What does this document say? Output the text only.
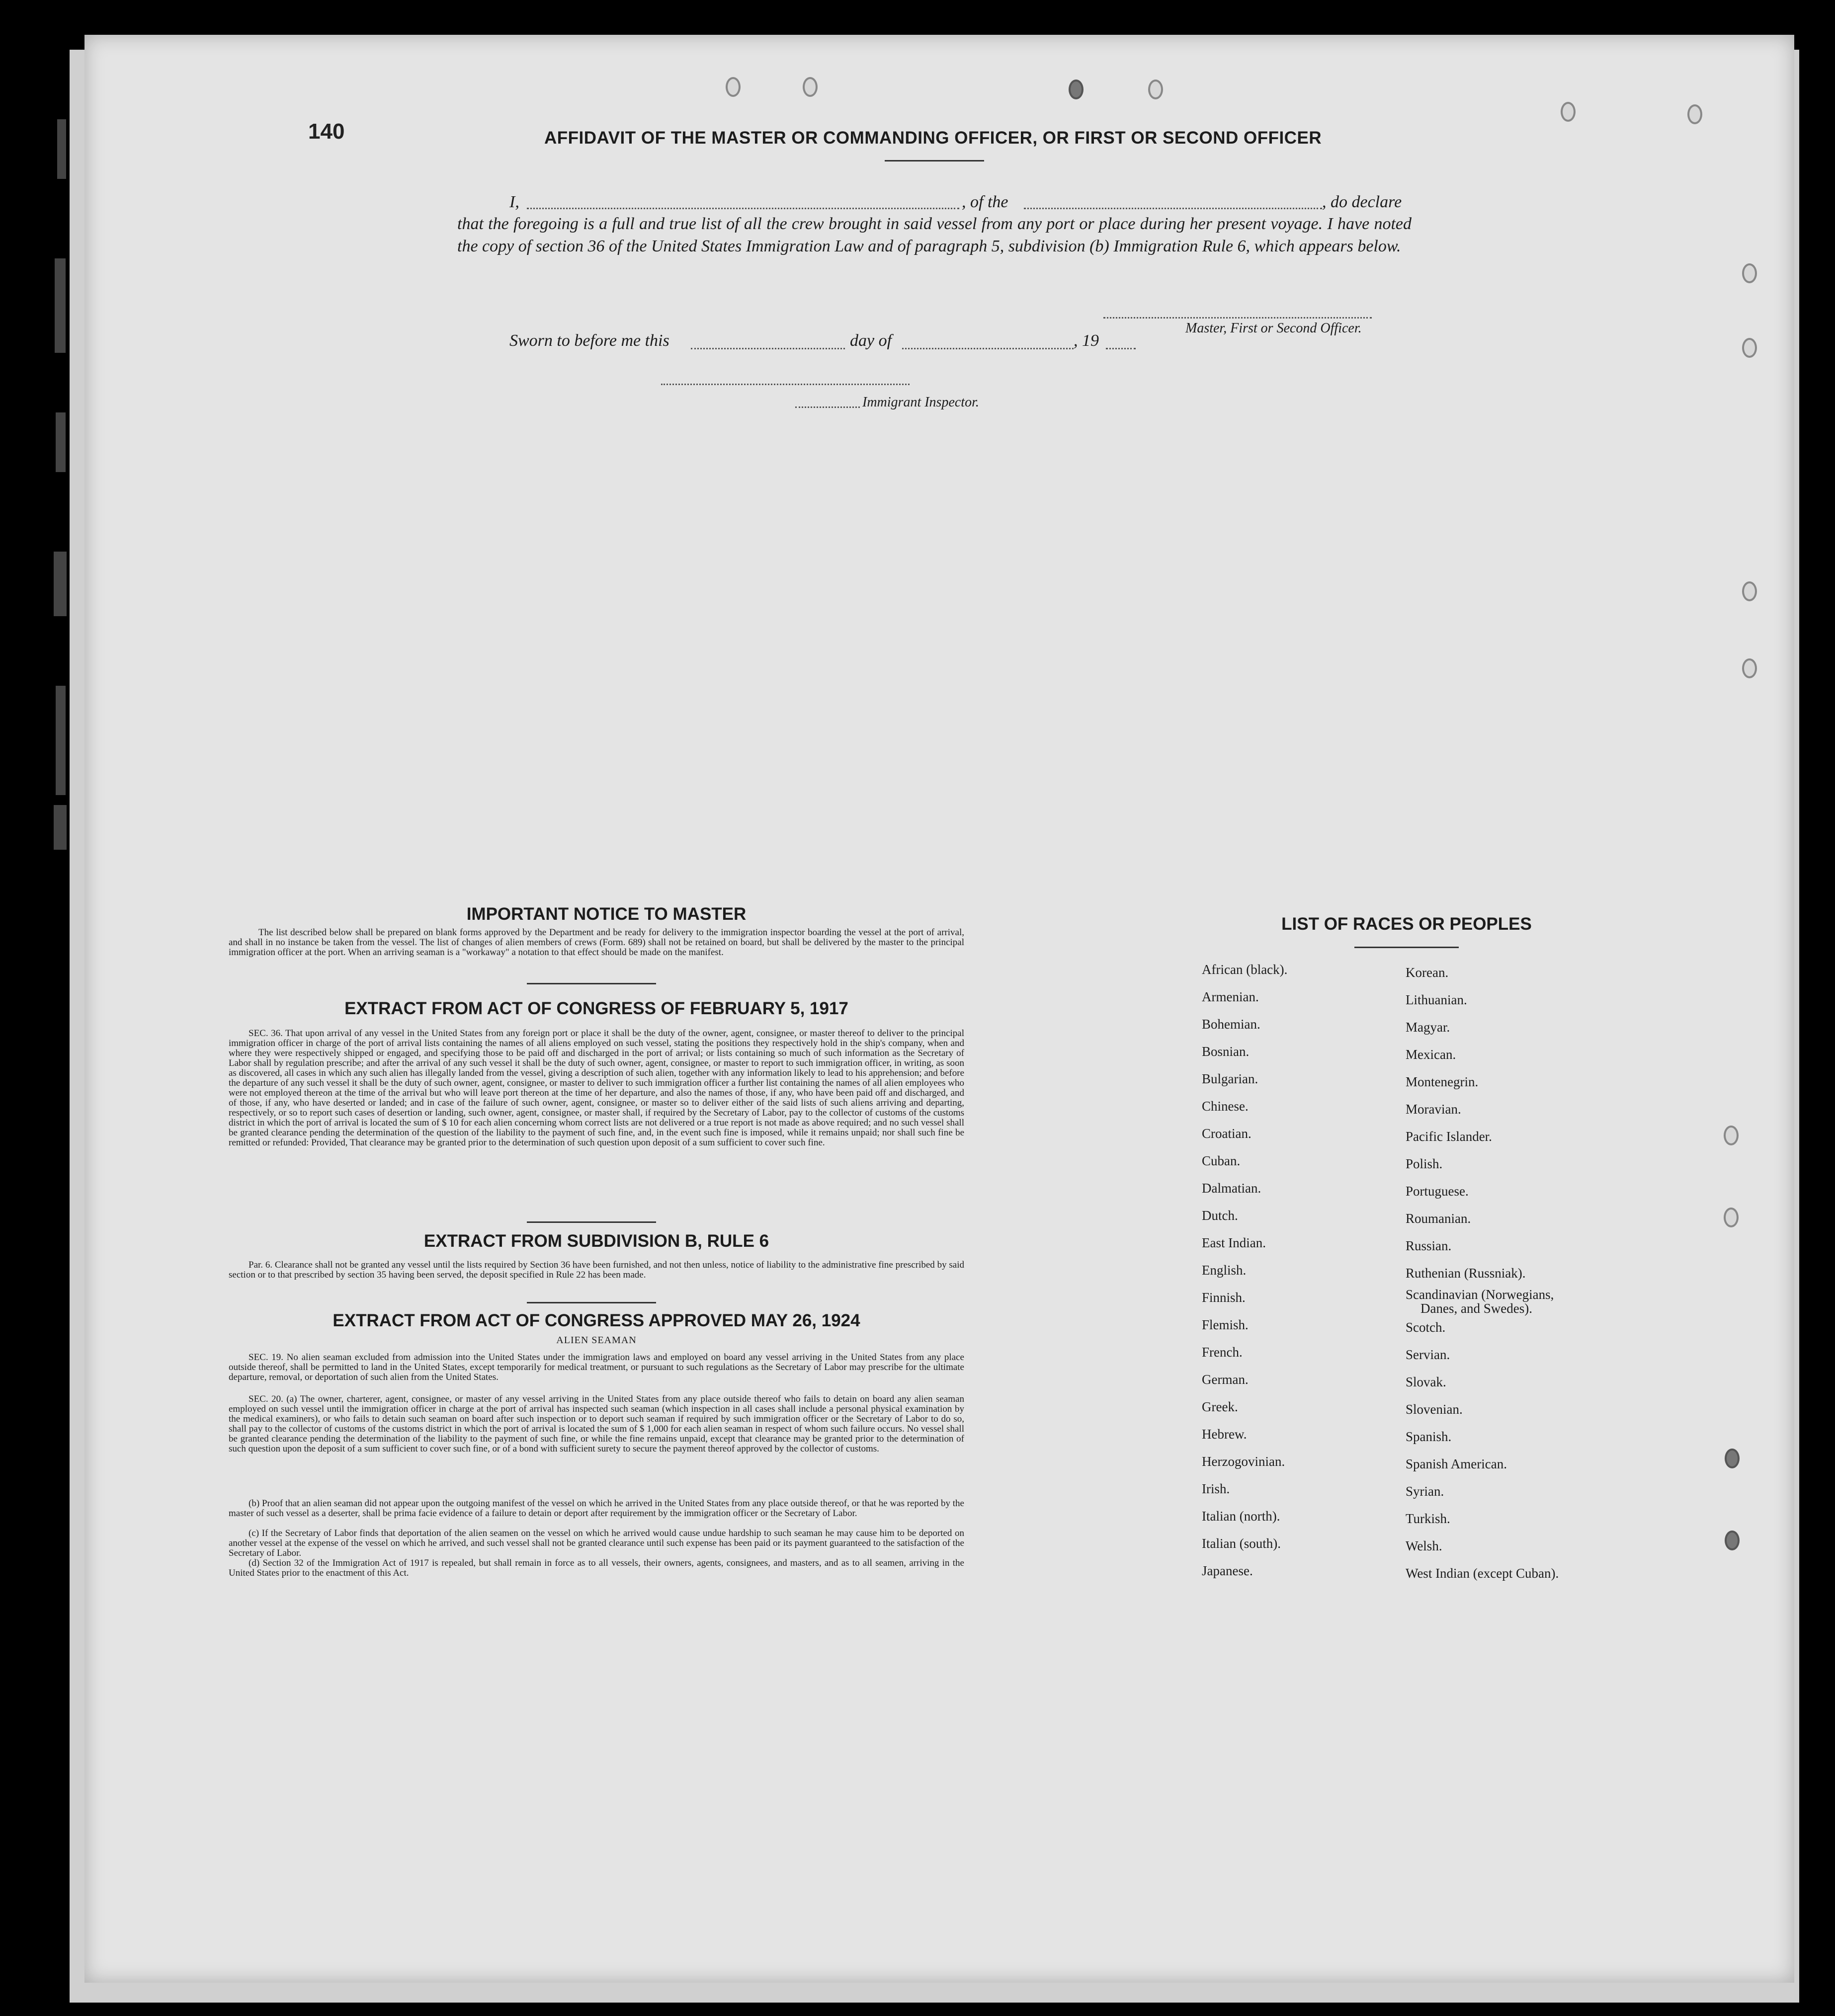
140	AFFIDAVIT OF THE MASTER OR COMMANDING OFFICER, OR FIRST OR SECOND OFFICER
I,	, of the	, do declare
that the foregoing is a full and true list of all the crew brought in said vessel from any port or place during her present voyage. I have noted the copy of section 36 of the United States Immigration Law and of paragraph 5, subdivision (b) Immigration Rule 6, which appears below.
Master, First or Second Officer.
Sworn to before me this	day of	, 19
Immigrant Inspector.
IMPORTANT NOTICE TO MASTER
The list described below shall be prepared on blank forms approved by the Department and be ready for delivery to the immigration inspector boarding the vessel at the port of arrival, and shall in no instance be taken from the vessel. The list of changes of alien members of crews (Form. 689) shall not be retained on board, but shall be delivered by the master to the principal immigration officer at the port. When an arriving seaman is a "workaway" a notation to that effect should be made on the manifest.
EXTRACT FROM ACT OF CONGRESS OF FEBRUARY 5, 1917
SEC. 36. That upon arrival of any vessel in the United States from any foreign port or place it shall be the duty of the owner, agent, consignee, or master thereof to deliver to the principal immigration officer in charge of the port of arrival lists containing the names of all aliens employed on such vessel, stating the positions they respectively hold in the ship's company, when and where they were respectively shipped or engaged, and specifying those to be paid off and discharged in the port of arrival; or lists containing so much of such information as the Secretary of Labor shall by regulation prescribe; and after the arrival of any such vessel it shall be the duty of such owner, agent, consignee, or master to report to such immigration officer, in writing, as soon as discovered, all cases in which any such alien has illegally landed from the vessel, giving a description of such alien, together with any information likely to lead to his apprehension; and before the departure of any such vessel it shall be the duty of such owner, agent, consignee, or master to deliver to such immigration officer a further list containing the names of all alien employees who were not employed thereon at the time of the arrival but who will leave port thereon at the time of her departure, and also the names of those, if any, who have been paid off and discharged, and of those, if any, who have deserted or landed; and in case of the failure of such owner, agent, consignee, or master so to deliver either of the said lists of such aliens arriving and departing, respectively, or so to report such cases of desertion or landing, such owner, agent, consignee, or master shall, if required by the Secretary of Labor, pay to the collector of customs of the customs district in which the port of arrival is located the sum of $ 10 for each alien concerning whom correct lists are not delivered or a true report is not made as above required; and no such vessel shall be granted clearance pending the determination of the question of the liability to the payment of such fine, and, in the event such fine is imposed, while it remains unpaid; nor shall such fine be remitted or refunded: Provided, That clearance may be granted prior to the determination of such question upon deposit of a sum sufficient to cover such fine.
EXTRACT FROM SUBDIVISION B, RULE 6
Par. 6. Clearance shall not be granted any vessel until the lists required by Section 36 have been furnished, and not then unless, notice of liability to the administrative fine prescribed by said section or to that prescribed by section 35 having been served, the deposit specified in Rule 22 has been made.
EXTRACT FROM ACT OF CONGRESS APPROVED MAY 26, 1924
ALIEN SEAMAN
SEC. 19. No alien seaman excluded from admission into the United States under the immigration laws and employed on board any vessel arriving in the United States from any place outside thereof, shall be permitted to land in the United States, except temporarily for medical treatment, or pursuant to such regulations as the Secretary of Labor may prescribe for the ultimate departure, removal, or deportation of such alien from the United States.
SEC. 20. (a) The owner, charterer, agent, consignee, or master of any vessel arriving in the United States from any place outside thereof who fails to detain on board any alien seaman employed on such vessel until the immigration officer in charge at the port of arrival has inspected such seaman (which inspection in all cases shall include a personal physical examination by the medical examiners), or who fails to detain such seaman on board after such inspection or to deport such seaman if required by such immigration officer or the Secretary of Labor to do so, shall pay to the collector of customs of the customs district in which the port of arrival is located the sum of $ 1,000 for each alien seaman in respect of whom such failure occurs. No vessel shall be granted clearance pending the determination of the liability to the payment of such fine, or while the fine remains unpaid, except that clearance may be granted prior to the determination of such question upon the deposit of a sum sufficient to cover such fine, or of a bond with sufficient surety to secure the payment thereof approved by the collector of customs.
(b) Proof that an alien seaman did not appear upon the outgoing manifest of the vessel on which he arrived in the United States from any place outside thereof, or that he was reported by the master of such vessel as a deserter, shall be prima facie evidence of a failure to detain or deport after requirement by the immigration officer or the Secretary of Labor.
(c) If the Secretary of Labor finds that deportation of the alien seamen on the vessel on which he arrived would cause undue hardship to such seaman he may cause him to be deported on another vessel at the expense of the vessel on which he arrived, and such vessel shall not be granted clearance until such expense has been paid or its payment guaranteed to the satisfaction of the Secretary of Labor.
(d) Section 32 of the Immigration Act of 1917 is repealed, but shall remain in force as to all vessels, their owners, agents, consignees, and masters, and as to all seamen, arriving in the United States prior to the enactment of this Act.
LIST OF RACES OR PEOPLES
African (black).
Armenian.
Bohemian.
Bosnian.
Bulgarian.
Chinese.
Croatian.
Cuban.
Dalmatian.
Dutch.
East Indian.
English.
Finnish.
Flemish.
French.
German.
Greek.
Hebrew.
Herzogovinian.
Irish.
Italian (north).
Italian (south).
Japanese.
Korean.
Lithuanian.
Magyar.
Mexican.
Montenegrin.
Moravian.
Pacific Islander.
Polish.
Portuguese.
Roumanian.
Russian.
Ruthenian (Russniak).
Scandinavian (Norwegians,
Danes, and Swedes).
Scotch.
Servian.
Slovak.
Slovenian.
Spanish.
Spanish American.
Syrian.
Turkish.
Welsh.
West Indian (except Cuban).
